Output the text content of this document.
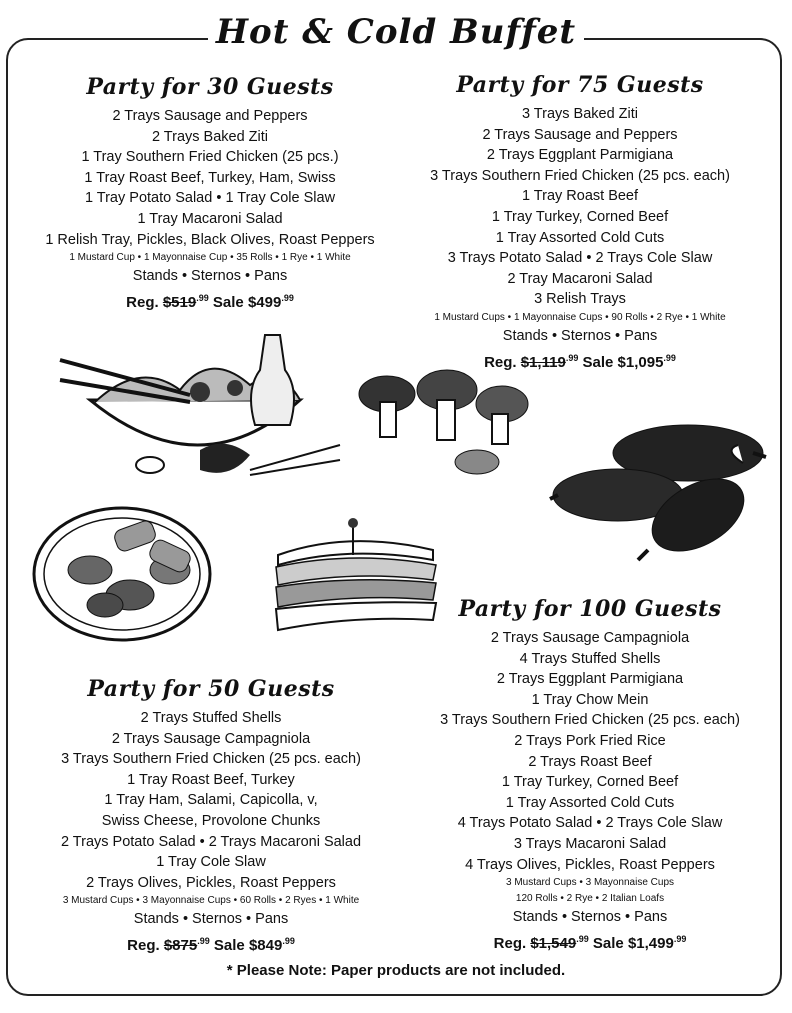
Hot & Cold Buffet
Party for 30 Guests
2 Trays Sausage and Peppers
2 Trays Baked Ziti
1 Tray Southern Fried Chicken (25 pcs.)
1 Tray Roast Beef, Turkey, Ham, Swiss
1 Tray Potato Salad • 1 Tray Cole Slaw
1 Tray Macaroni Salad
1 Relish Tray, Pickles, Black Olives, Roast Peppers
1 Mustard Cup • 1 Mayonnaise Cup • 35 Rolls • 1 Rye • 1 White
Stands • Sternos • Pans
Reg. $\$519^{.99}$ Sale $\$499^{.99}$
Party for 75 Guests
3 Trays Baked Ziti
2 Trays Sausage and Peppers
2 Trays Eggplant Parmigiana
3 Trays Southern Fried Chicken (25 pcs. each)
1 Tray Roast Beef
1 Tray Turkey, Corned Beef
1 Tray Assorted Cold Cuts
3 Trays Potato Salad • 2 Trays Cole Slaw
2 Tray Macaroni Salad
3 Relish Trays
1 Mustard Cups • 1 Mayonnaise Cups • 90 Rolls • 2 Rye • 1 White
Stands • Sternos • Pans
Reg. $\$1,119^{.99}$ Sale $\$1,095^{.99}$
Party for 50 Guests
2 Trays Stuffed Shells
2 Trays Sausage Campagniola
3 Trays Southern Fried Chicken (25 pcs. each)
1 Tray Roast Beef, Turkey
1 Tray Ham, Salami, Capicolla, v,
Swiss Cheese, Provolone Chunks
2 Trays Potato Salad • 2 Trays Macaroni Salad
1 Tray Cole Slaw
2 Trays Olives, Pickles, Roast Peppers
3 Mustard Cups • 3 Mayonnaise Cups • 60 Rolls • 2 Ryes • 1 White
Stands • Sternos • Pans
Reg. $\$875^{.99}$ Sale $\$849^{.99}$
Party for 100 Guests
2 Trays Sausage Campagniola
4 Trays Stuffed Shells
2 Trays Eggplant Parmigiana
1 Tray Chow Mein
3 Trays Southern Fried Chicken (25 pcs. each)
2 Trays Pork Fried Rice
2 Trays Roast Beef
1 Tray Turkey, Corned Beef
1 Tray Assorted Cold Cuts
4 Trays Potato Salad • 2 Trays Cole Slaw
3 Trays Macaroni Salad
4 Trays Olives, Pickles, Roast Peppers
3 Mustard Cups • 3 Mayonnaise Cups
120 Rolls • 2 Rye • 2 Italian Loafs
Stands • Sternos • Pans
Reg. $\$1,549^{.99}$ Sale $\$1,499^{.99}$
* Please Note: Paper products are not included.
